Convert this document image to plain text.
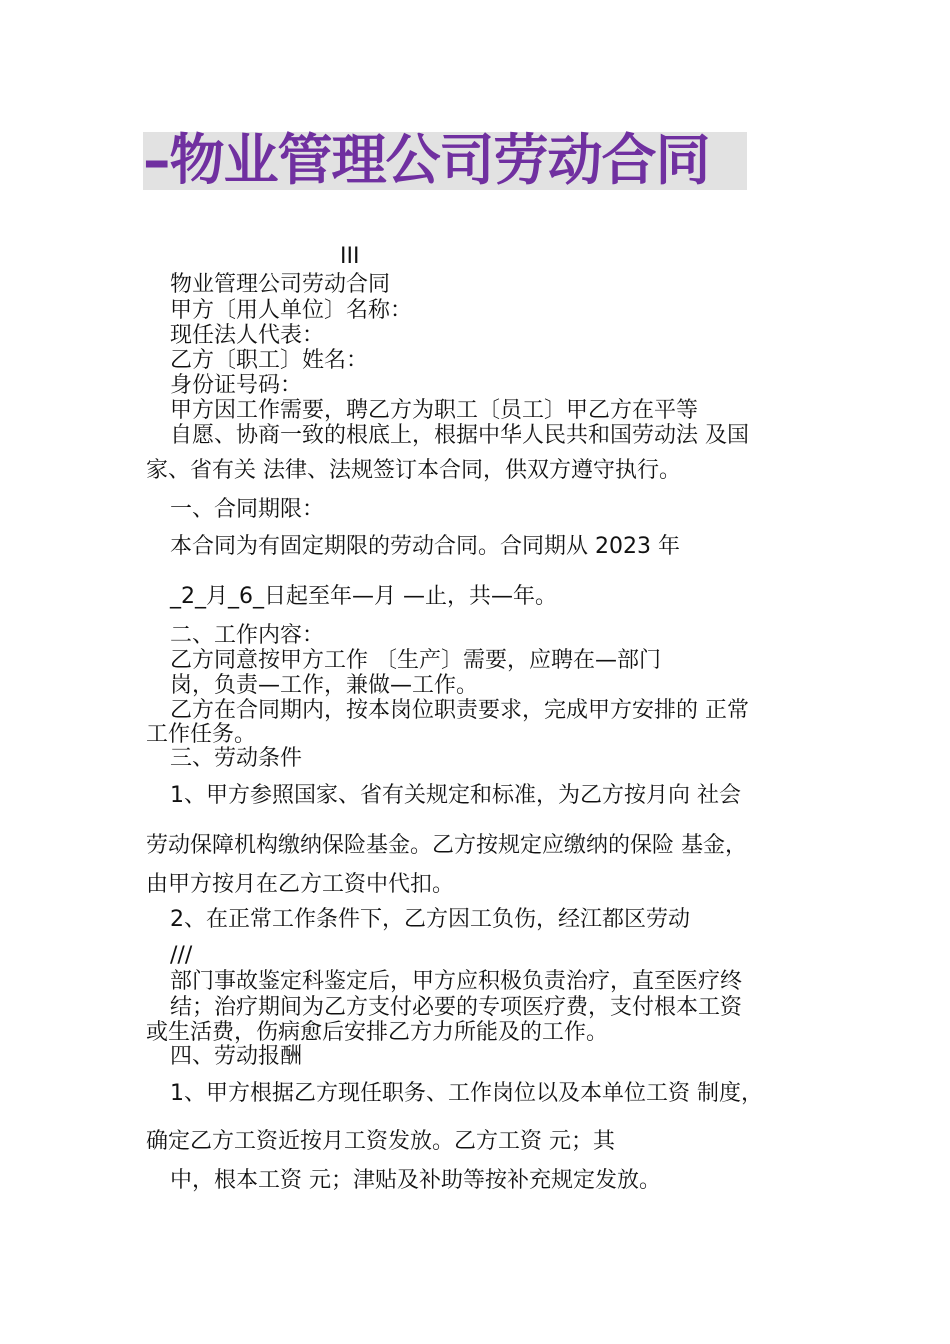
–物业管理公司劳动合同
III
物业管理公司劳动合同
甲方〔用人单位〕名称：
现任法人代表：
乙方〔职工〕姓名：
身份证号码：
甲方因工作需要，聘乙方为职工〔员工〕甲乙方在平等
自愿、协商一致的根底上，根据中华人民共和国劳动法 及国
家、省有关 法律、法规签订本合同，供双方遵守执行。
一、合同期限：
本合同为有固定期限的劳动合同。合同期从 2023 年
_2_月_6_日起至年—月 —止，共—年。
二、工作内容：
乙方同意按甲方工作 〔生产〕需要，应聘在—部门
岗，负责—工作，兼做—工作。
乙方在合同期内，按本岗位职责要求，完成甲方安排的 正常
工作任务。
三、劳动条件
1、甲方参照国家、省有关规定和标准，为乙方按月向 社会
劳动保障机构缴纳保险基金。乙方按规定应缴纳的保险 基金，
由甲方按月在乙方工资中代扣。
2、在正常工作条件下，乙方因工负伤，经江都区劳动
///
部门事故鉴定科鉴定后，甲方应积极负责治疗，直至医疗终
结；治疗期间为乙方支付必要的专项医疗费，支付根本工资
或生活费，伤病愈后安排乙方力所能及的工作。
四、劳动报酬
1、甲方根据乙方现任职务、工作岗位以及本单位工资 制度，
确定乙方工资近按月工资发放。乙方工资 元；其
中，根本工资 元；津贴及补助等按补充规定发放。
